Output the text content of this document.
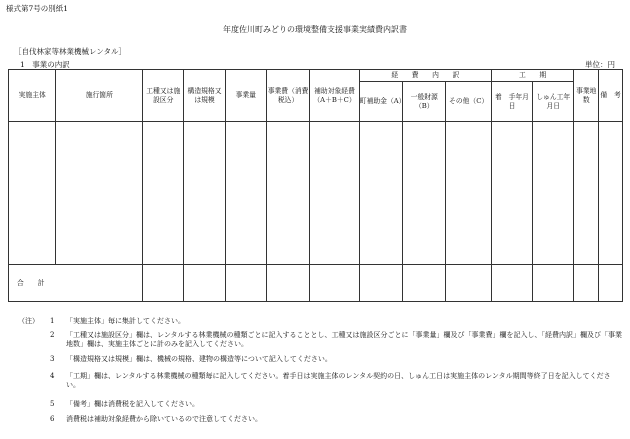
様式第7号の別紙1
年度佐川町みどりの環境整備支援事業実績費内訳書
［自伐林家等林業機械レンタル］
1　事業の内訳	単位：円
実施主体	施行箇所	工種又は施設区分	構造規格又は規模	事業量	事業費（消費税込）	補助対象経費（A＋B＋C）	経　　費　　内　　訳			工　　期		事業地数	備　考
							町補助金（A）	一般財源（B）	その他（C）	着　手年月日	しゅん工年月日		

合計													
（注） 1 「実施主体」毎に集計してください。
2 「工種又は施設区分」欄は、レンタルする林業機械の種類ごとに記入することとし、工種又は施設区分ごとに「事業量」欄及び「事業費」欄を記入し、「経費内訳」欄及び「事業地数」欄は、実施主体ごとに計のみを記入してください。
3 「構造規格又は規模」欄は、機械の規格、建物の構造等について記入してください。
4 「工期」欄は、レンタルする林業機械の種類毎に記入してください。着手日は実施主体のレンタル契約の日、しゅん工日は実施主体のレンタル期間等終了日を記入してください。
5 「備考」欄は消費税を記入してください。
6 消費税は補助対象経費から除いているので注意してください。
